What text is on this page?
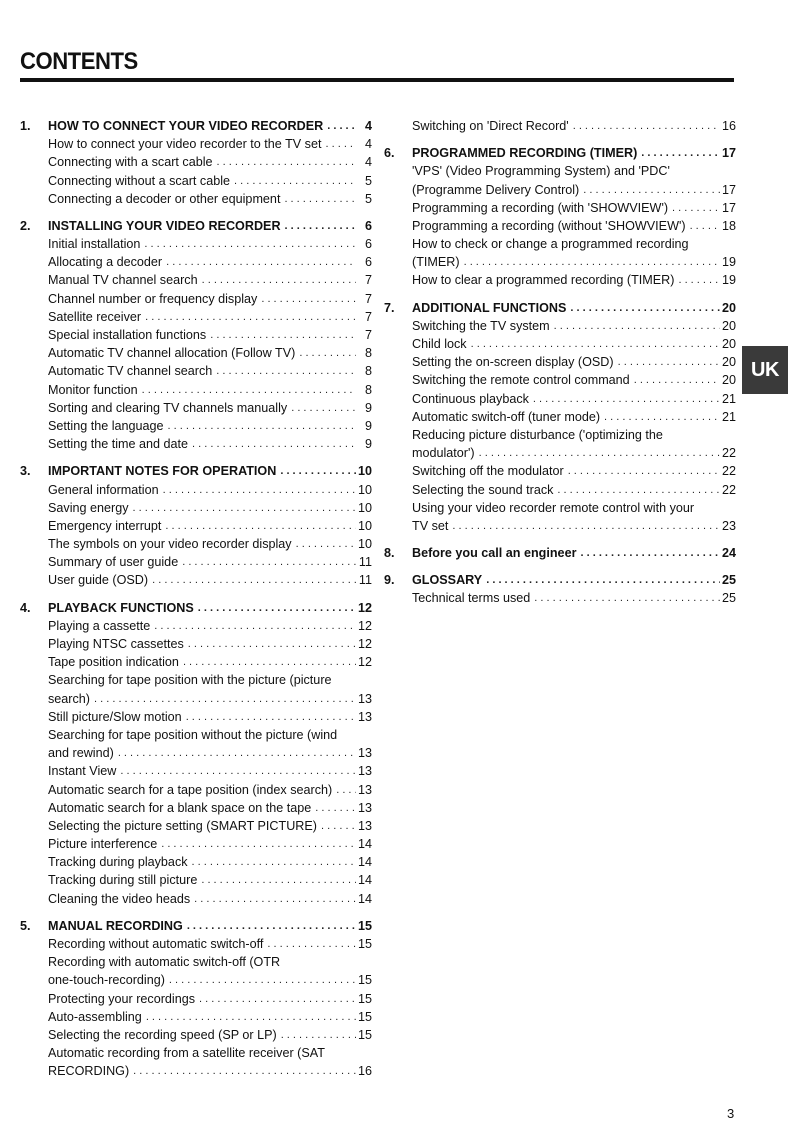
CONTENTS
1.	HOW TO CONNECT YOUR VIDEO RECORDER . . .	4
How to connect your video recorder to the TV set . . .	4
Connecting with a scart cable . . .	4
Connecting without a scart cable . . .	5
Connecting a decoder or other equipment . . .	5
2.	INSTALLING YOUR VIDEO RECORDER . . .	6
Initial installation . . .	6
Allocating a decoder . . .	6
Manual TV channel search . . .	7
Channel number or frequency display . . .	7
Satellite receiver . . .	7
Special installation functions . . .	7
Automatic TV channel allocation (Follow TV) . . .	8
Automatic TV channel search . . .	8
Monitor function . . .	8
Sorting and clearing TV channels manually . . .	9
Setting the language . . .	9
Setting the time and date . . .	9
3.	IMPORTANT NOTES FOR OPERATION . . .	10
General information . . .	10
Saving energy . . .	10
Emergency interrupt . . .	10
The symbols on your video recorder display . . .	10
Summary of user guide . . .	11
User guide (OSD) . . .	11
4.	PLAYBACK FUNCTIONS . . .	12
Playing a cassette . . .	12
Playing NTSC cassettes . . .	12
Tape position indication . . .	12
Searching for tape position with the picture (picture
search) . . .	13
Still picture/Slow motion . . .	13
Searching for tape position without the picture (wind
and rewind) . . .	13
Instant View . . .	13
Automatic search for a tape position (index search) . . . 13
Automatic search for a blank space on the tape . . .	13
Selecting the picture setting (SMART PICTURE) . . .	13
Picture interference . . .	14
Tracking during playback . . .	14
Tracking during still picture . . .	14
Cleaning the video heads . . .	14
5.	MANUAL RECORDING . . .	15
Recording without automatic switch-off . . .	15
Recording with automatic switch-off (OTR
one-touch-recording) . . .	15
Protecting your recordings . . .	15
Auto-assembling . . .	15
Selecting the recording speed (SP or LP) . . .	15
Automatic recording from a satellite receiver (SAT
RECORDING) . . .	16
Switching on 'Direct Record' . . .	16
6.	PROGRAMMED RECORDING (TIMER) . . .	17
'VPS' (Video Programming System) and 'PDC'
(Programme Delivery Control) . . .	17
Programming a recording (with 'SHOWVIEW') . . .	17
Programming a recording (without 'SHOWVIEW') . . .	18
How to check or change a programmed recording
(TIMER) . . .	19
How to clear a programmed recording (TIMER) . . .	19
7.	ADDITIONAL FUNCTIONS . . .	20
Switching the TV system . . .	20
Child lock . . .	20
Setting the on-screen display (OSD) . . .	20
Switching the remote control command . . .	20
Continuous playback . . .	21
Automatic switch-off (tuner mode) . . .	21
Reducing picture disturbance ('optimizing the
modulator') . . .	22
Switching off the modulator . . .	22
Selecting the sound track . . .	22
Using your video recorder remote control with your
TV set . . .	23
8.	Before you call an engineer . . .	24
9.	GLOSSARY . . .	25
Technical terms used . . .	25
UK
3
